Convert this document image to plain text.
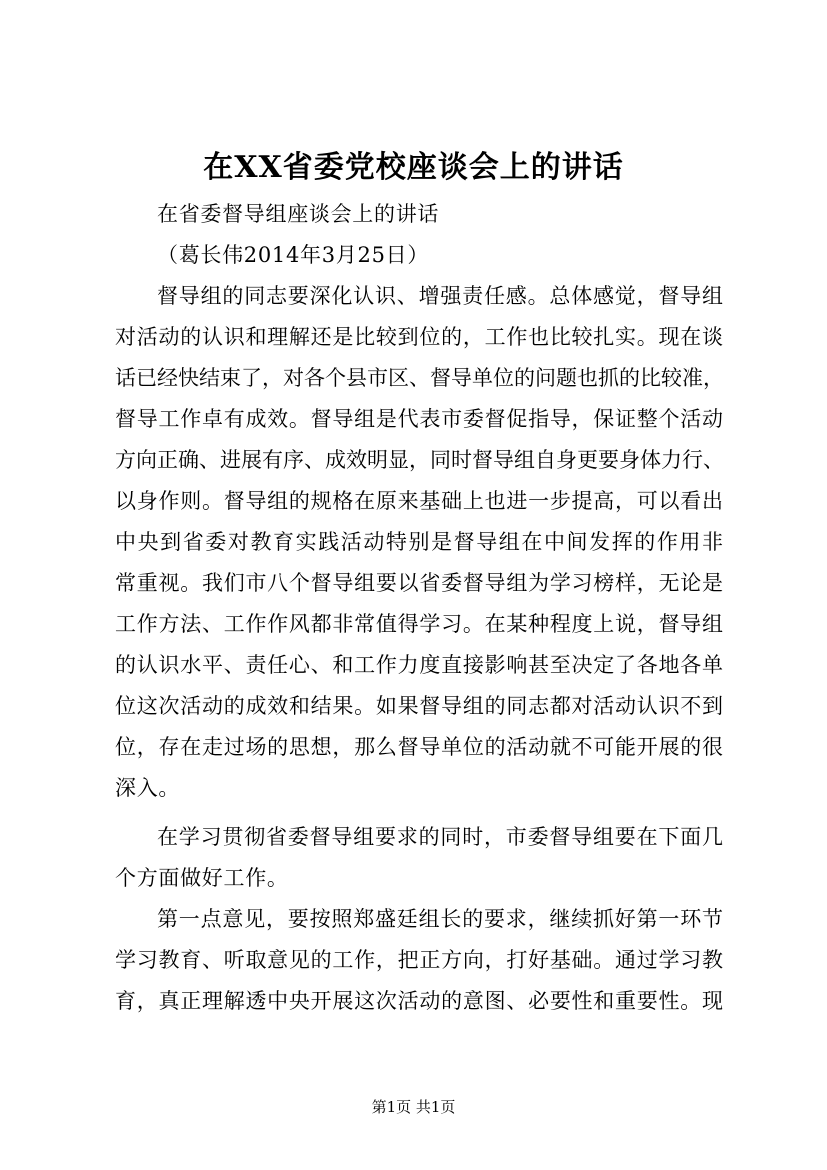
在XX省委党校座谈会上的讲话
在省委督导组座谈会上的讲话
（葛长伟2014年3月25日）
督导组的同志要深化认识、增强责任感。总体感觉，督导组
对活动的认识和理解还是比较到位的，工作也比较扎实。现在谈
话已经快结束了，对各个县市区、督导单位的问题也抓的比较准，
督导工作卓有成效。督导组是代表市委督促指导，保证整个活动
方向正确、进展有序、成效明显，同时督导组自身更要身体力行、
以身作则。督导组的规格在原来基础上也进一步提高，可以看出
中央到省委对教育实践活动特别是督导组在中间发挥的作用非
常重视。我们市八个督导组要以省委督导组为学习榜样，无论是
工作方法、工作作风都非常值得学习。在某种程度上说，督导组
的认识水平、责任心、和工作力度直接影响甚至决定了各地各单
位这次活动的成效和结果。如果督导组的同志都对活动认识不到
位，存在走过场的思想，那么督导单位的活动就不可能开展的很
深入。
在学习贯彻省委督导组要求的同时，市委督导组要在下面几
个方面做好工作。
第一点意见，要按照郑盛廷组长的要求，继续抓好第一环节
学习教育、听取意见的工作，把正方向，打好基础。通过学习教
育，真正理解透中央开展这次活动的意图、必要性和重要性。现
第1页 共1页
